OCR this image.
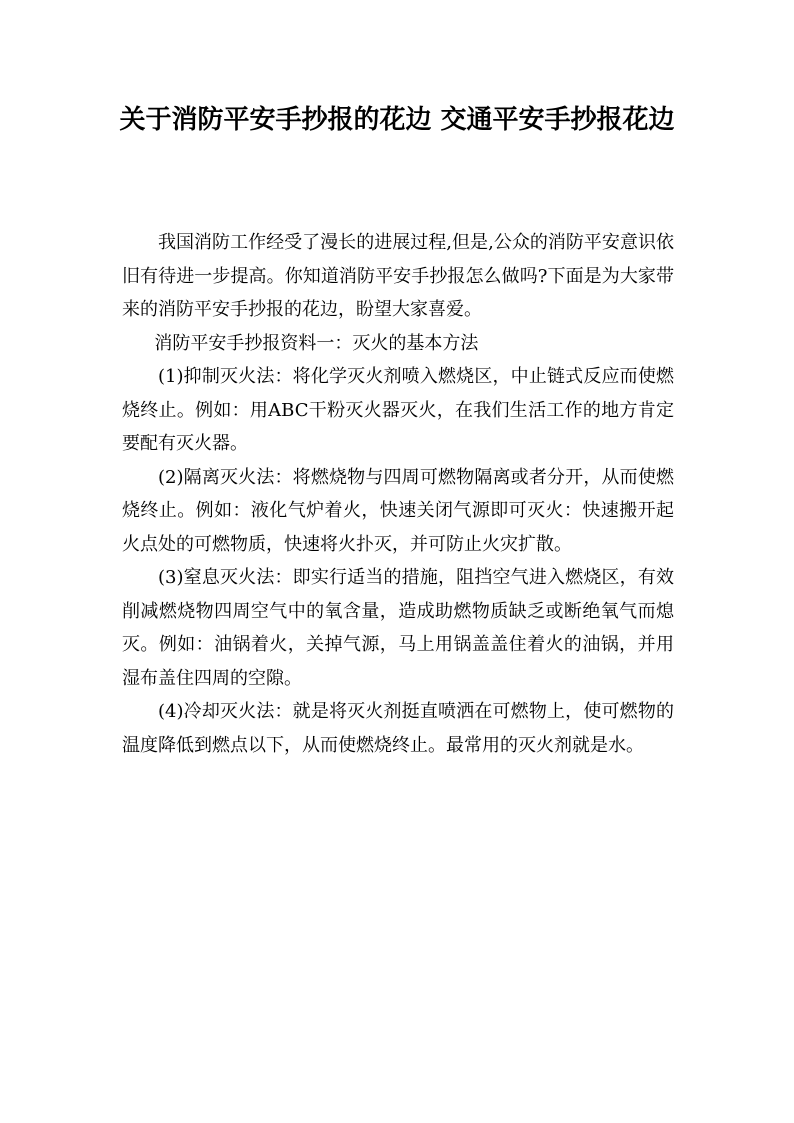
关于消防平安手抄报的花边 交通平安手抄报花边

我国消防工作经受了漫长的进展过程,但是,公众的消防平安意识依旧有待进一步提高。你知道消防平安手抄报怎么做吗?下面是为大家带来的消防平安手抄报的花边，盼望大家喜爱。

消防平安手抄报资料一：灭火的基本方法

(1)抑制灭火法：将化学灭火剂喷入燃烧区，中止链式反应而使燃烧终止。例如：用ABC干粉灭火器灭火，在我们生活工作的地方肯定要配有灭火器。

(2)隔离灭火法：将燃烧物与四周可燃物隔离或者分开，从而使燃烧终止。例如：液化气炉着火，快速关闭气源即可灭火：快速搬开起火点处的可燃物质，快速将火扑灭，并可防止火灾扩散。

(3)窒息灭火法：即实行适当的措施，阻挡空气进入燃烧区，有效削减燃烧物四周空气中的氧含量，造成助燃物质缺乏或断绝氧气而熄灭。例如：油锅着火，关掉气源，马上用锅盖盖住着火的油锅，并用湿布盖住四周的空隙。

(4)冷却灭火法：就是将灭火剂挺直喷洒在可燃物上，使可燃物的温度降低到燃点以下，从而使燃烧终止。最常用的灭火剂就是水。
